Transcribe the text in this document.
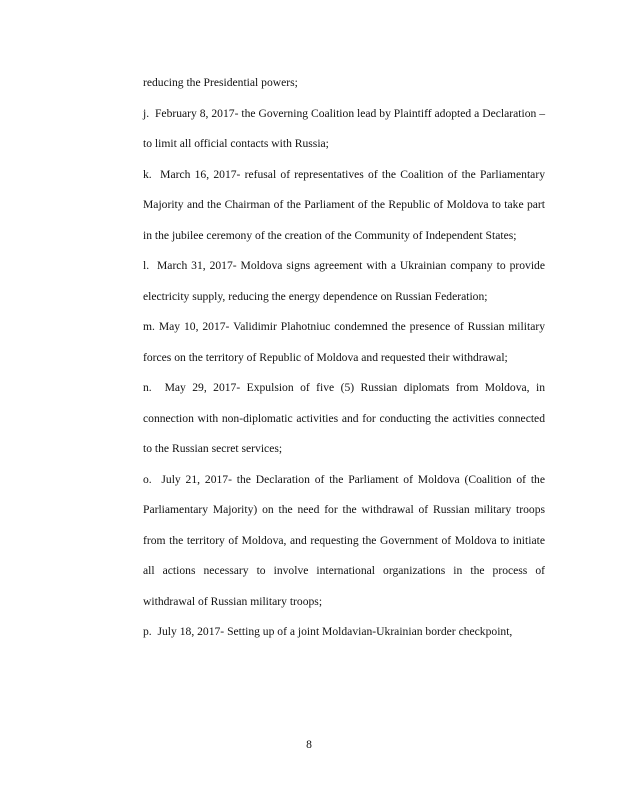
reducing the Presidential powers;

j. February 8, 2017- the Governing Coalition lead by Plaintiff adopted a Declaration – to limit all official contacts with Russia;

k. March 16, 2017- refusal of representatives of the Coalition of the Parliamentary Majority and the Chairman of the Parliament of the Republic of Moldova to take part in the jubilee ceremony of the creation of the Community of Independent States;

l. March 31, 2017- Moldova signs agreement with a Ukrainian company to provide electricity supply, reducing the energy dependence on Russian Federation;

m. May 10, 2017- Validimir Plahotniuc condemned the presence of Russian military forces on the territory of Republic of Moldova and requested their withdrawal;

n. May 29, 2017- Expulsion of five (5) Russian diplomats from Moldova, in connection with non-diplomatic activities and for conducting the activities connected to the Russian secret services;

o. July 21, 2017- the Declaration of the Parliament of Moldova (Coalition of the Parliamentary Majority) on the need for the withdrawal of Russian military troops from the territory of Moldova, and requesting the Government of Moldova to initiate all actions necessary to involve international organizations in the process of withdrawal of Russian military troops;

p. July 18, 2017- Setting up of a joint Moldavian-Ukrainian border checkpoint,

8
